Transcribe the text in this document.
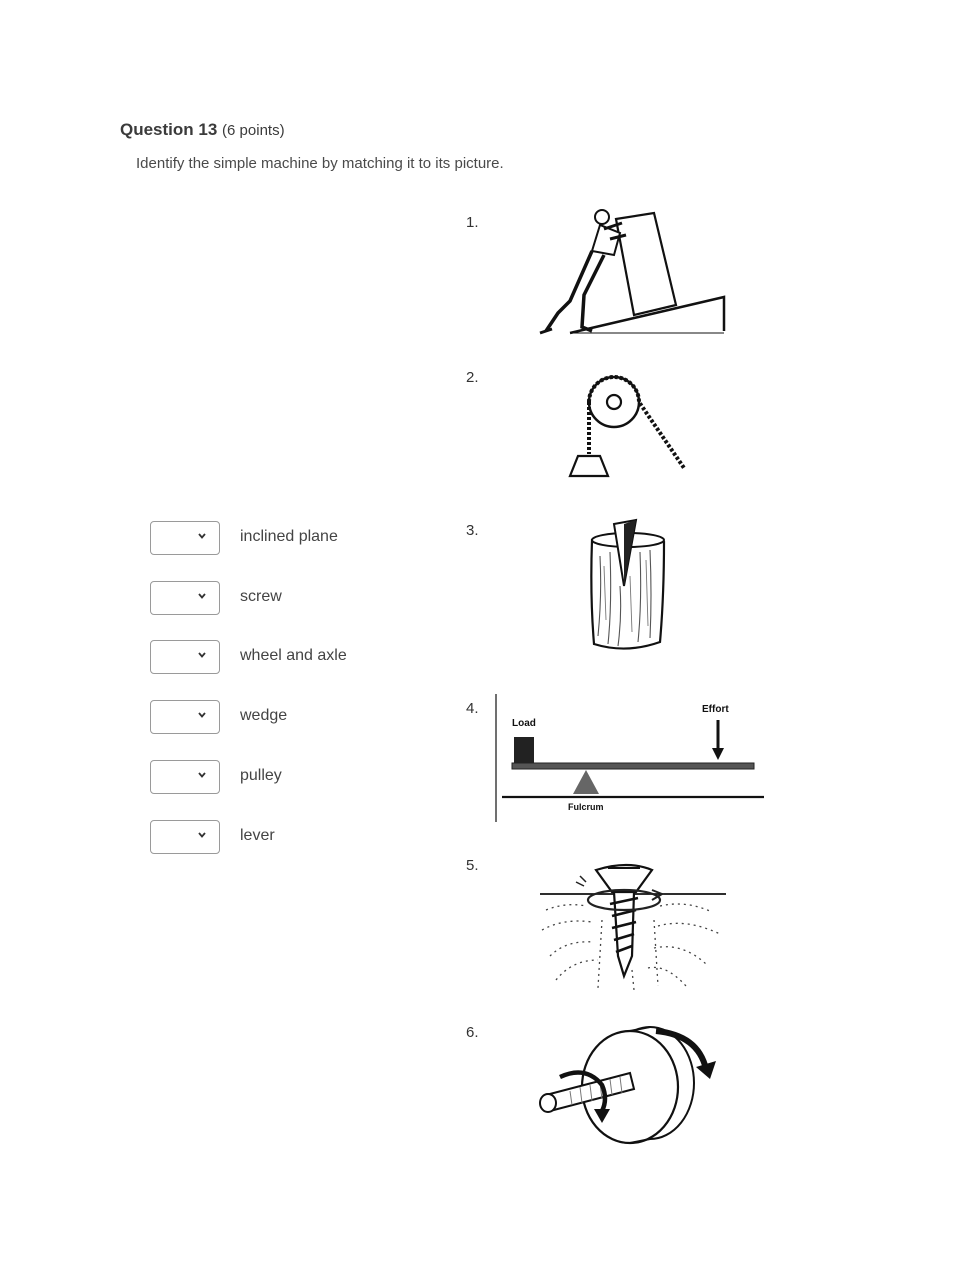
Question 13 (6 points)
Identify the simple machine by matching it to its picture.
inclined plane
screw
wheel and axle
wedge
pulley
lever
1.
2.
3.
4.
5.
6.
Load
Effort
Fulcrum
